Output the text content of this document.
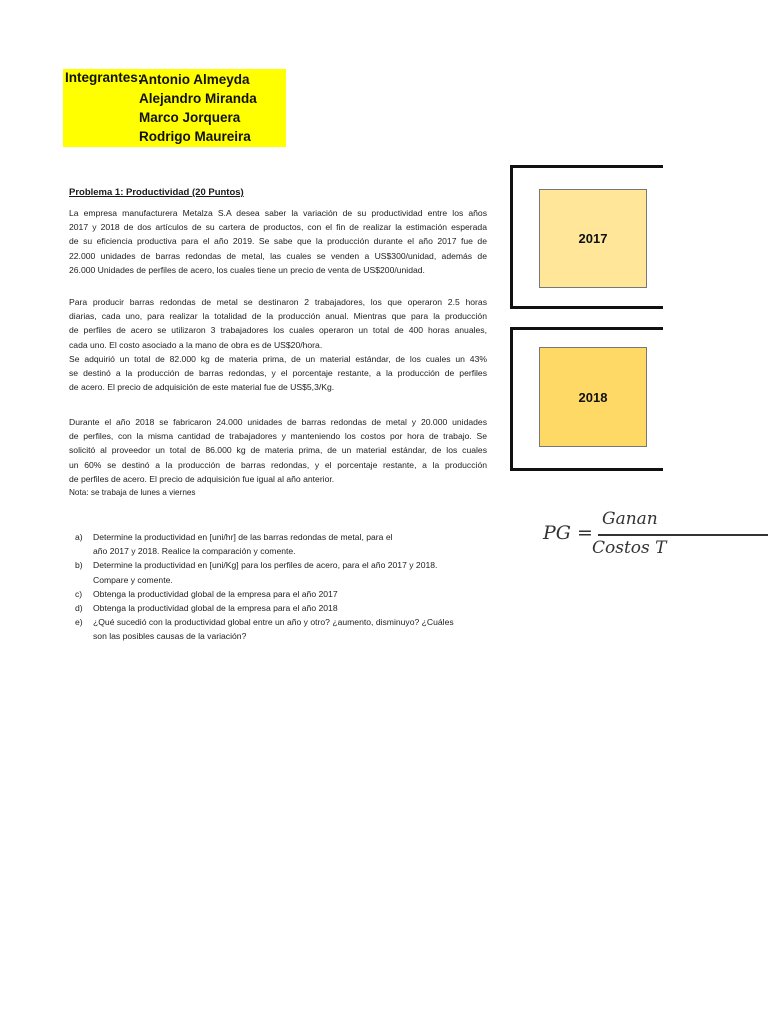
Integrantes:
Antonio Almeyda
Alejandro Miranda
Marco Jorquera
Rodrigo Maureira
Problema 1: Productividad (20 Puntos)
La empresa manufacturera Metalza S.A desea saber la variación de su productividad entre los años
2017 y 2018 de dos artículos de su cartera de productos, con el fin de realizar la estimación esperada
de su eficiencia productiva para el año 2019. Se sabe que la producción durante el año 2017 fue de
22.000 unidades de barras redondas de metal, las cuales se venden a US$300/unidad, además de
26.000 Unidades de perfiles de acero, los cuales tiene un precio de venta de US$200/unidad.
Para producir barras redondas de metal se destinaron 2 trabajadores, los que operaron 2.5 horas
diarias, cada uno, para realizar la totalidad de la producción anual. Mientras que para la producción
de perfiles de acero se utilizaron 3 trabajadores los cuales operaron un total de 400 horas anuales,
cada uno. El costo asociado a la mano de obra es de US$20/hora.
Se adquirió un total de 82.000 kg de materia prima, de un material estándar, de los cuales un 43%
se destinó a la producción de barras redondas, y el porcentaje restante, a la producción de perfiles
de acero. El precio de adquisición de este material fue de US$5,3/Kg.
Durante el año 2018 se fabricaron 24.000 unidades de barras redondas de metal y 20.000 unidades
de perfiles, con la misma cantidad de trabajadores y manteniendo los costos por hora de trabajo. Se
solicitó al proveedor un total de 86.000 kg de materia prima, de un material estándar, de los cuales
un 60% se destinó a la producción de barras redondas, y el porcentaje restante, a la producción
de perfiles de acero. El precio de adquisición fue igual al año anterior.
Nota: se trabaja de lunes a viernes
a)	Determine la productividad en [uni/hr] de las barras redondas de metal, para el
año 2017 y 2018. Realice la comparación y comente.
b)	Determine la productividad en [uni/Kg] para los perfiles de acero, para el año 2017 y 2018.
Compare y comente.
c)	Obtenga la productividad global de la empresa para el año 2017
d)	Obtenga la productividad global de la empresa para el año 2018
e)	¿Qué sucedió con la productividad global entre un año y otro? ¿aumento, disminuyo? ¿Cuáles
son las posibles causas de la variación?
2017
2018
PG =
Ganan
Costos T
